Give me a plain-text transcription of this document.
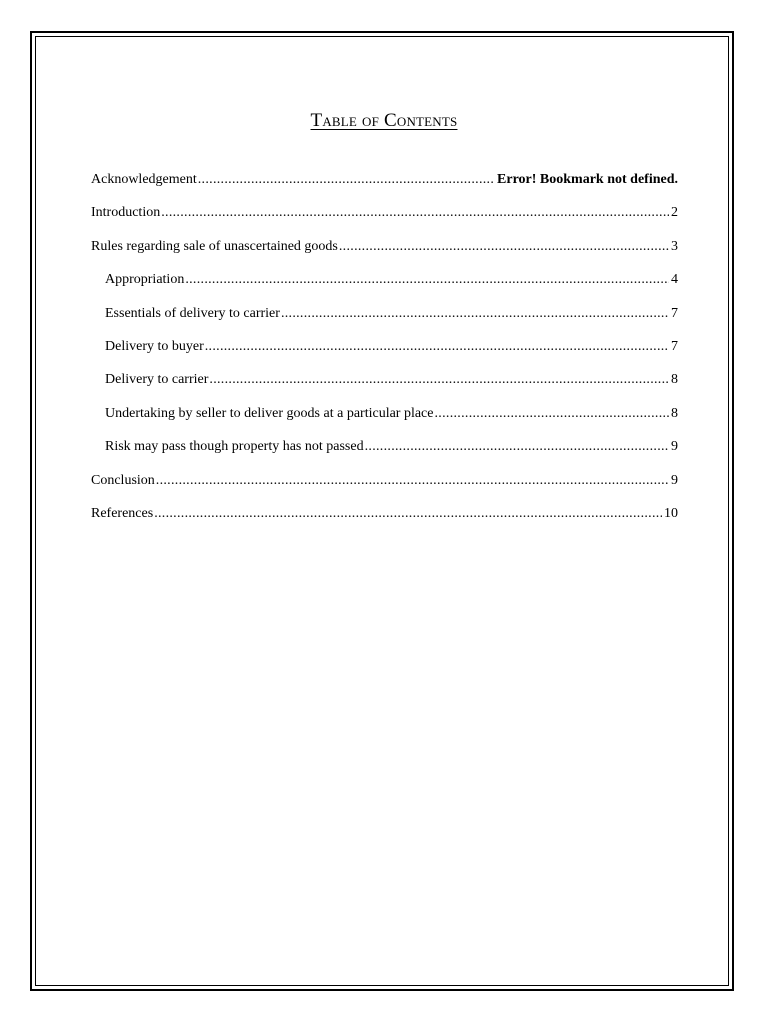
Table of Contents
Acknowledgement .....	Error! Bookmark not defined.
Introduction .....	2
Rules regarding sale of unascertained goods .....	3
Appropriation .....	4
Essentials of delivery to carrier .....	7
Delivery to buyer .....	7
Delivery to carrier .....	8
Undertaking by seller to deliver goods at a particular place .....	8
Risk may pass though property has not passed .....	9
Conclusion .....	9
References .....	10
